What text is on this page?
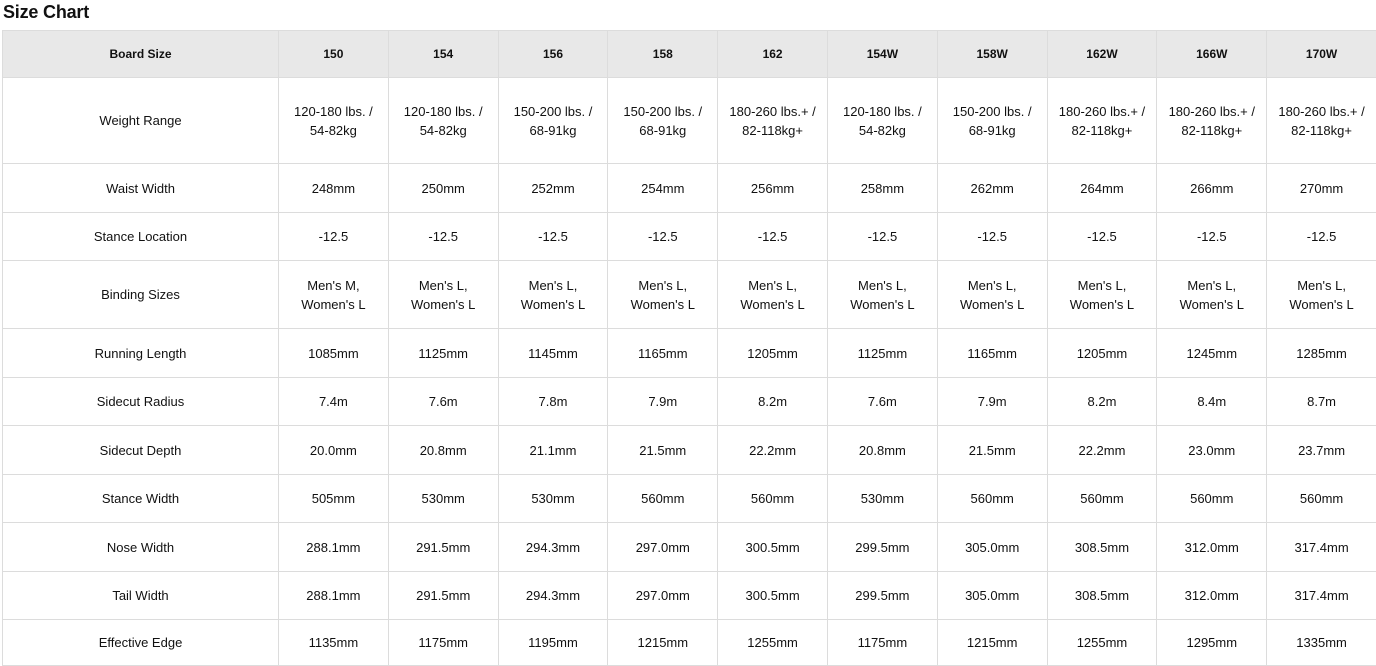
Size Chart
Board Size	150	154	156	158	162	154W	158W	162W	166W	170W
Weight Range	120-180 lbs. / 54-82kg	120-180 lbs. / 54-82kg	150-200 lbs. / 68-91kg	150-200 lbs. / 68-91kg	180-260 lbs.+ / 82-118kg+	120-180 lbs. / 54-82kg	150-200 lbs. / 68-91kg	180-260 lbs.+ / 82-118kg+	180-260 lbs.+ / 82-118kg+	180-260 lbs.+ / 82-118kg+
Waist Width	248mm	250mm	252mm	254mm	256mm	258mm	262mm	264mm	266mm	270mm
Stance Location	-12.5	-12.5	-12.5	-12.5	-12.5	-12.5	-12.5	-12.5	-12.5	-12.5
Binding Sizes	Men's M, Women's L	Men's L, Women's L	Men's L, Women's L	Men's L, Women's L	Men's L, Women's L	Men's L, Women's L	Men's L, Women's L	Men's L, Women's L	Men's L, Women's L	Men's L, Women's L
Running Length	1085mm	1125mm	1145mm	1165mm	1205mm	1125mm	1165mm	1205mm	1245mm	1285mm
Sidecut Radius	7.4m	7.6m	7.8m	7.9m	8.2m	7.6m	7.9m	8.2m	8.4m	8.7m
Sidecut Depth	20.0mm	20.8mm	21.1mm	21.5mm	22.2mm	20.8mm	21.5mm	22.2mm	23.0mm	23.7mm
Stance Width	505mm	530mm	530mm	560mm	560mm	530mm	560mm	560mm	560mm	560mm
Nose Width	288.1mm	291.5mm	294.3mm	297.0mm	300.5mm	299.5mm	305.0mm	308.5mm	312.0mm	317.4mm
Tail Width	288.1mm	291.5mm	294.3mm	297.0mm	300.5mm	299.5mm	305.0mm	308.5mm	312.0mm	317.4mm
Effective Edge	1135mm	1175mm	1195mm	1215mm	1255mm	1175mm	1215mm	1255mm	1295mm	1335mm
